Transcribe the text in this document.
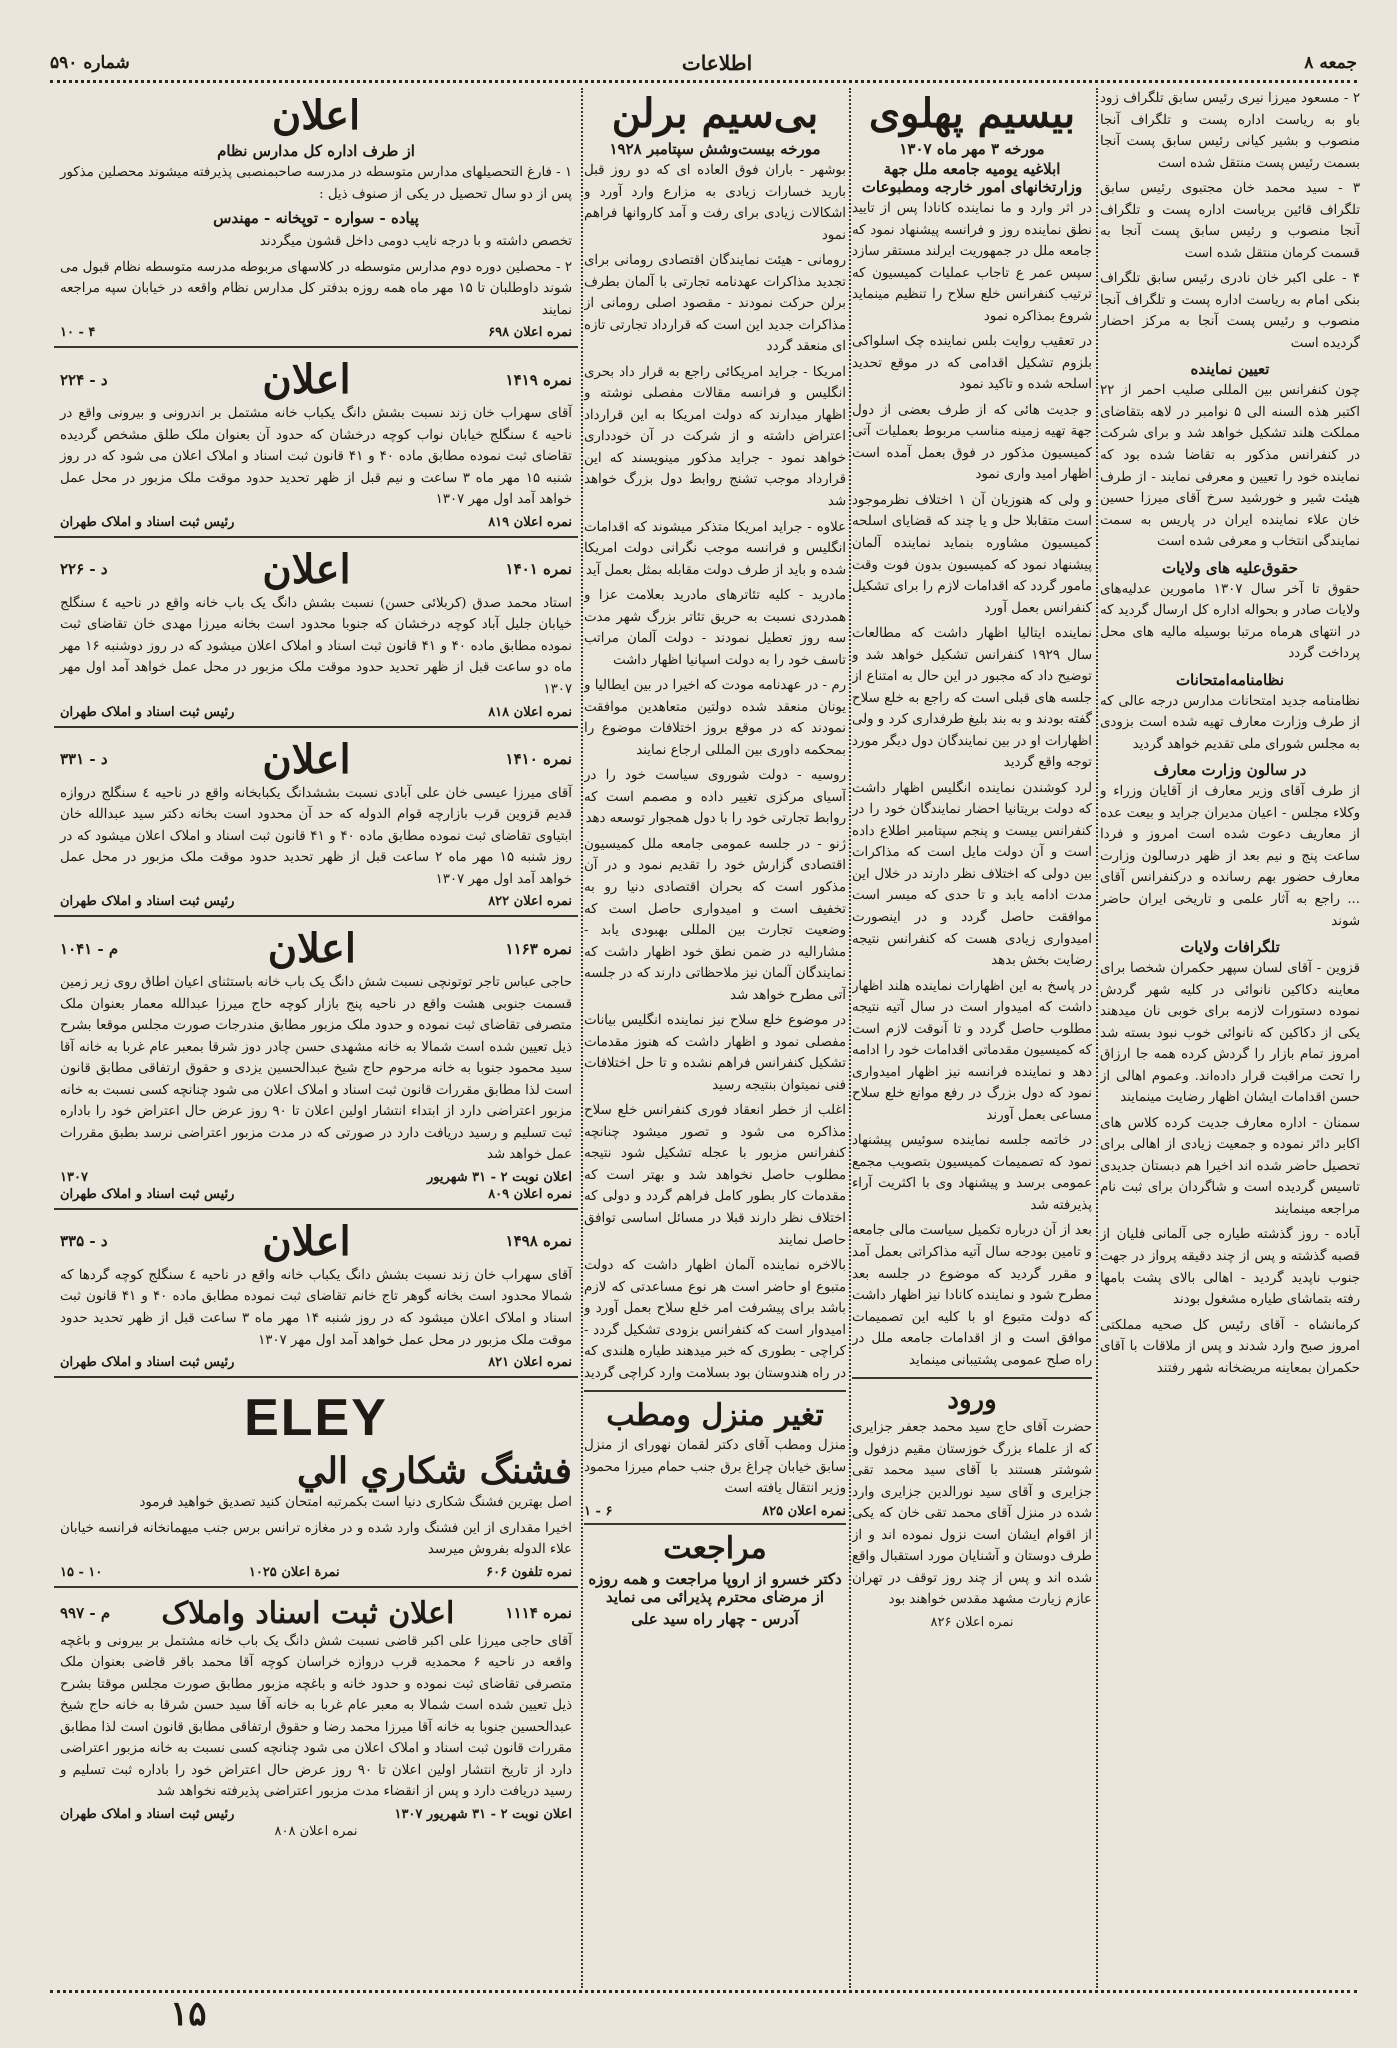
جمعه ۸
اطلاعات
شماره ۵۹۰

۲ - مسعود میرزا نیری رئیس سابق تلگراف زود باو به ریاست اداره پست و تلگراف آنجا منصوب و بشیر کیانی رئیس سابق پست آنجا بسمت رئیس پست منتقل شده است

۳ - سید محمد خان مجتبوی رئیس سابق تلگراف قائین بریاست اداره پست و تلگراف آنجا منصوب و رئیس سابق پست آنجا به قسمت کرمان منتقل شده است

۴ - علی اکبر خان نادری رئیس سابق تلگراف بنکی امام به ریاست اداره پست و تلگراف آنجا منصوب و رئیس پست آنجا به مرکز احضار گردیده است

تعیین نماینده

چون کنفرانس بین المللی صلیب احمر از ۲۲ اکتبر هذه السنه الی ۵ نوامبر در لاهه بتقاضای مملکت هلند تشکیل خواهد شد و برای شرکت در کنفرانس مذکور به تقاضا شده بود که نماینده خود را تعیین و معرفی نمایند - از طرف هیئت شیر و خورشید سرخ آقای میرزا حسین خان علاء نماینده ایران در پاریس به سمت نمایندگی انتخاب و معرفی شده است

حقوق‌علیه های ولایات

حقوق تا آخر سال ۱۳۰۷ مامورین عدلیه‌های ولایات صادر و بحواله اداره کل ارسال گردید که در انتهای هرماه مرتبا بوسیله مالیه های محل پرداخت گردد

نظامنامه‌امتحانات

نظامنامه جدید امتحانات مدارس درجه عالی که از طرف وزارت معارف تهیه شده است بزودی به مجلس شورای ملی تقدیم خواهد گردید

در سالون وزارت معارف

از طرف آقای وزیر معارف از آقایان وزراء و وکلاء مجلس - اعیان مدیران جراید و بیعت عده از معاریف دعوت شده است امروز و فردا ساعت پنج و نیم بعد از ظهر درسالون وزارت معارف حضور بهم رسانده و درکنفرانس آقای ... راجع به آثار علمی و تاریخی ایران حاضر شوند

تلگرافات ولایات

قزوین - آقای لسان سپهر حکمران شخصا برای معاینه دکاکین نانوائی در کلیه شهر گردش نموده دستورات لازمه برای خوبی نان میدهند یکی از دکاکین که نانوائی خوب نبود بسته شد امروز تمام بازار را گردش کرده همه جا ارزاق را تحت مراقبت قرار داده‌اند. وعموم اهالی از حسن اقدامات ایشان اظهار رضایت مینمایند

سمنان - اداره معارف جدیت کرده کلاس های اکابر دائر نموده و جمعیت زیادی از اهالی برای تحصیل حاضر شده اند اخیرا هم دبستان جدیدی تاسیس گردیده است و شاگردان برای ثبت نام مراجعه مینمایند

آباده - روز گذشته طیاره جی آلمانی فلیان از قصبه گذشته و پس از چند دقیقه پرواز در جهت جنوب ناپدید گردید - اهالی بالای پشت بامها رفته بتماشای طیاره مشغول بودند

کرمانشاه - آقای رئیس کل صحیه مملکتی امروز صبح وارد شدند و پس از ملاقات با آقای حکمران بمعاینه مریضخانه شهر رفتند

بیسیم پهلوی
مورخه ۳ مهر ماه ۱۳۰۷
ابلاغیه یومیه جامعه ملل جهة وزارتخانهای امور خارجه ومطبوعات

در اثر وارد و ما نماینده کانادا پس از تایید نطق نماینده روز و فرانسه پیشنهاد نمود که جامعه ملل در جمهوریت ایرلند مستقر سازد سپس عمر ع تاجاب عملیات کمیسیون که ترتیب کنفرانس خلع سلاح را تنظیم مینماید شروع بمذاکره نمود

در تعقیب روایت بلس نماینده چک اسلواکی بلزوم تشکیل اقدامی که در موقع تحدید اسلحه شده و تاکید نمود

و جدیت هائی که از طرف بعضی از دول جهة تهیه زمینه مناسب مربوط بعملیات آتی کمیسیون مذکور در فوق بعمل آمده است اظهار امید واری نمود

و ولی که هنوزیان آن ۱ اختلاف نظرموجود است متقابلا حل و یا چند که قضایای اسلحه کمیسیون مشاوره بنماید نماینده آلمان پیشنهاد نمود که کمیسیون بدون فوت وقت مامور گردد که اقدامات لازم را برای تشکیل کنفرانس بعمل آورد

نماینده ایتالیا اظهار داشت که مطالعات سال ۱۹۲۹ کنفرانس تشکیل خواهد شد و توضیح داد که مجبور در این حال به امتناع از جلسه های قبلی است که راجع به خلع سلاح گفته بودند و به بند بلیغ طرفداری کرد و ولی اظهارات او در بین نمایندگان دول دیگر مورد توجه واقع گردید

لرد کوشندن نماینده انگلیس اظهار داشت که دولت بریتانیا احضار نمایندگان خود را در کنفرانس بیست و پنجم سپتامبر اطلاع داده است و آن دولت مایل است که مذاکرات بین دولی که اختلاف نظر دارند در خلال این مدت ادامه یابد و تا حدی که میسر است موافقت حاصل گردد و در اینصورت امیدواری زیادی هست که کنفرانس نتیجه رضایت بخش بدهد

در پاسخ به این اظهارات نماینده هلند اظهار داشت که امیدوار است در سال آتیه نتیجه مطلوب حاصل گردد و تا آنوقت لازم است که کمیسیون مقدماتی اقدامات خود را ادامه دهد و نماینده فرانسه نیز اظهار امیدواری نمود که دول بزرگ در رفع موانع خلع سلاح مساعی بعمل آورند

در خاتمه جلسه نماینده سوئیس پیشنهاد نمود که تصمیمات کمیسیون بتصویب مجمع عمومی برسد و پیشنهاد وی با اکثریت آراء پذیرفته شد

بعد از آن درباره تکمیل سیاست مالی جامعه و تامین بودجه سال آتیه مذاکراتی بعمل آمد و مقرر گردید که موضوع در جلسه بعد مطرح شود و نماینده کانادا نیز اظهار داشت که دولت متبوع او با کلیه این تصمیمات موافق است و از اقدامات جامعه ملل در راه صلح عمومی پشتیبانی مینماید

ورود

حضرت آقای حاج سید محمد جعفر جزایری که از علماء بزرگ خوزستان مقیم دزفول و شوشتر هستند با آقای سید محمد تقی جزایری و آقای سید نورالدین جزایری وارد شده در منزل آقای محمد تقی خان که یکی از اقوام ایشان است نزول نموده اند و از طرف دوستان و آشنایان مورد استقبال واقع شده اند و پس از چند روز توقف در تهران عازم زیارت مشهد مقدس خواهند بود

نمره اعلان ۸۲۶
بی‌سیم برلن
مورخه بیست‌وشش سپتامبر ۱۹۲۸

بوشهر - باران فوق العاده ای که دو روز قبل بارید خسارات زیادی به مزارع وارد آورد و اشکالات زیادی برای رفت و آمد کاروانها فراهم نمود

رومانی - هیئت نمایندگان اقتصادی رومانی برای تجدید مذاکرات عهدنامه تجارتی با آلمان بطرف برلن حرکت نمودند - مقصود اصلی رومانی از مذاکرات جدید این است که قرارداد تجارتی تازه ای منعقد گردد

امریکا - جراید امریکائی راجع به قرار داد بحری انگلیس و فرانسه مقالات مفصلی نوشته و اظهار میدارند که دولت امریکا به این قرارداد اعتراض داشته و از شرکت در آن خودداری خواهد نمود - جراید مذکور مینویسند که این قرارداد موجب تشنج روابط دول بزرگ خواهد شد

علاوه - جراید امریکا متذکر میشوند که اقدامات انگلیس و فرانسه موجب نگرانی دولت امریکا شده و باید از طرف دولت مقابله بمثل بعمل آید

مادرید - کلیه تئاترهای مادرید بعلامت عزا و همدردی نسبت به حریق تئاتر بزرگ شهر مدت سه روز تعطیل نمودند - دولت آلمان مراتب تاسف خود را به دولت اسپانیا اظهار داشت

رم - در عهدنامه مودت که اخیرا در بین ایطالیا و یونان منعقد شده دولتین متعاهدین موافقت نمودند که در موقع بروز اختلافات موضوع را بمحکمه داوری بین المللی ارجاع نمایند

روسیه - دولت شوروی سیاست خود را در آسیای مرکزی تغییر داده و مصمم است که روابط تجارتی خود را با دول همجوار توسعه دهد

ژنو - در جلسه عمومی جامعه ملل کمیسیون اقتصادی گزارش خود را تقدیم نمود و در آن مذکور است که بحران اقتصادی دنیا رو به تخفیف است و امیدواری حاصل است که وضعیت تجارت بین المللی بهبودی یابد - مشارالیه در ضمن نطق خود اظهار داشت که نمایندگان آلمان نیز ملاحظاتی دارند که در جلسه آتی مطرح خواهد شد

در موضوع خلع سلاح نیز نماینده انگلیس بیانات مفصلی نمود و اظهار داشت که هنوز مقدمات تشکیل کنفرانس فراهم نشده و تا حل اختلافات فنی نمیتوان بنتیجه رسید

اغلب از خطر انعقاد فوری کنفرانس خلع سلاح مذاکره می شود و تصور میشود چنانچه کنفرانس مزبور با عجله تشکیل شود نتیجه مطلوب حاصل نخواهد شد و بهتر است که مقدمات کار بطور کامل فراهم گردد و دولی که اختلاف نظر دارند قبلا در مسائل اساسی توافق حاصل نمایند

بالاخره نماینده آلمان اظهار داشت که دولت متبوع او حاضر است هر نوع مساعدتی که لازم باشد برای پیشرفت امر خلع سلاح بعمل آورد و امیدوار است که کنفرانس بزودی تشکیل گردد - کراچی - بطوری که خبر میدهند طیاره هلندی که در راه هندوستان بود بسلامت وارد کراچی گردید

تغیر منزل ومطب

منزل ومطب آقای دکتر لقمان نهورای از منزل سابق خیابان چراغ برق جنب حمام میرزا محمود وزیر انتقال یافته است

نمره اعلان ۸۲۵
۶ - ۱
مراجعت
دکتر خسرو از اروپا مراجعت و همه روزه از مرضای محترم پذیرائی می نماید
آدرس - چهار راه سید علی
اعلان
از طرف اداره کل مدارس نظام

۱ - فارغ التحصیلهای مدارس متوسطه در مدرسه صاحبمنصبی پذیرفته میشوند محصلین مذکور پس از دو سال تحصیل در یکی از صنوف ذیل :

پیاده - سواره - توپخانه - مهندس

تخصص داشته و با درجه نایب دومی داخل قشون میگردند

۲ - محصلین دوره دوم مدارس متوسطه در کلاسهای مربوطه مدرسه متوسطه نظام قبول می شوند داوطلبان تا ۱۵ مهر ماه همه روزه بدفتر کل مدارس نظام واقعه در خیابان سپه مراجعه نمایند

نمره اعلان ۶۹۸
۴ - ۱۰
نمره ۱۴۱۹
اعلان
د - ۲۲۴

آقای سهراب خان زند نسبت بشش دانگ یکباب خانه مشتمل بر اندرونی و بیرونی واقع در ناحیه ٤ سنگلج خیابان نواب کوچه درخشان که حدود آن بعنوان ملک طلق مشخص گردیده تقاضای ثبت نموده مطابق ماده ۴۰ و ۴۱ قانون ثبت اسناد و املاک اعلان می شود که در روز شنبه ۱۵ مهر ماه ۳ ساعت و نیم قبل از ظهر تحدید حدود موقت ملک مزبور در محل عمل خواهد آمد اول مهر ۱۳۰۷

نمره اعلان ۸۱۹
رئیس ثبت اسناد و املاک طهران
نمره ۱۴۰۱
اعلان
د - ۲۲۶

استاد محمد صدق (کربلائی حسن) نسبت بشش دانگ یک باب خانه واقع در ناحیه ٤ سنگلج خیابان جلیل آباد کوچه درخشان که جنوبا محدود است بخانه میرزا مهدی خان تقاضای ثبت نموده مطابق ماده ۴۰ و ۴۱ قانون ثبت اسناد و املاک اعلان میشود که در روز دوشنبه ۱۶ مهر ماه دو ساعت قبل از ظهر تحدید حدود موقت ملک مزبور در محل عمل خواهد آمد اول مهر ۱۳۰۷

نمره اعلان ۸۱۸
رئیس ثبت اسناد و املاک طهران
نمره ۱۴۱۰
اعلان
د - ۳۳۱

آقای میرزا عیسی خان علی آبادی نسبت بششدانگ یکبابخانه واقع در ناحیه ٤ سنگلج دروازه قدیم قزوین قرب بازارچه قوام الدوله که حد آن محدود است بخانه دکتر سید عبدالله خان ابتیاوی تقاضای ثبت نموده مطابق ماده ۴۰ و ۴۱ قانون ثبت اسناد و املاک اعلان میشود که در روز شنبه ۱۵ مهر ماه ۲ ساعت قبل از ظهر تحدید حدود موقت ملک مزبور در محل عمل خواهد آمد اول مهر ۱۳۰۷

نمره اعلان ۸۲۲
رئیس ثبت اسناد و املاک طهران
نمره ۱۱۶۳
اعلان
م - ۱۰۴۱

حاجی عباس تاجر توتونچی نسبت شش دانگ یک باب خانه باستثنای اعیان اطاق روی زیر زمین قسمت جنوبی هشت واقع در ناحیه پنج بازار کوچه حاج میرزا عبدالله معمار بعنوان ملک متصرفی تقاضای ثبت نموده و حدود ملک مزبور مطابق مندرجات صورت مجلس موقعا بشرح ذیل تعیین شده است شمالا به خانه مشهدی حسن چادر دوز شرقا بمعبر عام غربا به خانه آقا سید محمود جنوبا به خانه مرحوم حاج شیخ عبدالحسین یزدی و حقوق ارتفاقی مطابق قانون است لذا مطابق مقررات قانون ثبت اسناد و املاک اعلان می شود چنانچه کسی نسبت به خانه مزبور اعتراضی دارد از ابتداء انتشار اولین اعلان تا ۹۰ روز عرض حال اعتراض خود را باداره ثبت تسلیم و رسید دریافت دارد در صورتی که در مدت مزبور اعتراضی نرسد بطبق مقررات عمل خواهد شد

اعلان نوبت ۲ - ۳۱ شهریور
۱۳۰۷
نمره اعلان ۸۰۹
رئیس ثبت اسناد و املاک طهران
نمره ۱۴۹۸
اعلان
د - ۳۳۵

آقای سهراب خان زند نسبت بشش دانگ یکباب خانه واقع در ناحیه ٤ سنگلج کوچه گردها که شمالا محدود است بخانه گوهر تاج خانم تقاضای ثبت نموده مطابق ماده ۴۰ و ۴۱ قانون ثبت اسناد و املاک اعلان میشود که در روز شنبه ۱۴ مهر ماه ۳ ساعت قبل از ظهر تحدید حدود موقت ملک مزبور در محل عمل خواهد آمد اول مهر ۱۳۰۷

نمره اعلان ۸۲۱
رئیس ثبت اسناد و املاک طهران
ELEY
فشنگ شکاري الي

اصل بهترین فشنگ شکاری دنیا است بکمرتبه امتحان کنید تصدیق خواهید فرمود

اخیرا مقداری از این فشنگ وارد شده و در مغازه ترانس برس جنب میهمانخانه فرانسه خیابان علاء الدوله بفروش میرسد

نمره تلفون ۶۰۶
نمرة اعلان ۱۰۲۵
۱۰ - ۱۵
نمره ۱۱۱۴
اعلان ثبت اسناد واملاک
م - ۹۹۷

آقای حاجی میرزا علی اکبر قاضی نسبت شش دانگ یک باب خانه مشتمل بر بیرونی و باغچه واقعه در ناحیه ۶ محمدیه قرب دروازه خراسان کوچه آقا محمد باقر قاضی بعنوان ملک متصرفی تقاضای ثبت نموده و حدود خانه و باغچه مزبور مطابق صورت مجلس موقتا بشرح ذیل تعیین شده است شمالا به معبر عام غربا به خانه آقا سید حسن شرقا به خانه حاج شیخ عبدالحسین جنوبا به خانه آقا میرزا محمد رضا و حقوق ارتفاقی مطابق قانون است لذا مطابق مقررات قانون ثبت اسناد و املاک اعلان می شود چنانچه کسی نسبت به خانه مزبور اعتراضی دارد از تاریخ انتشار اولین اعلان تا ۹۰ روز عرض حال اعتراض خود را باداره ثبت تسلیم و رسید دریافت دارد و پس از انقضاء مدت مزبور اعتراضی پذیرفته نخواهد شد

اعلان نوبت ۲ - ۳۱ شهریور ۱۳۰۷
رئیس ثبت اسناد و املاک طهران
نمره اعلان ۸۰۸
۱۵
